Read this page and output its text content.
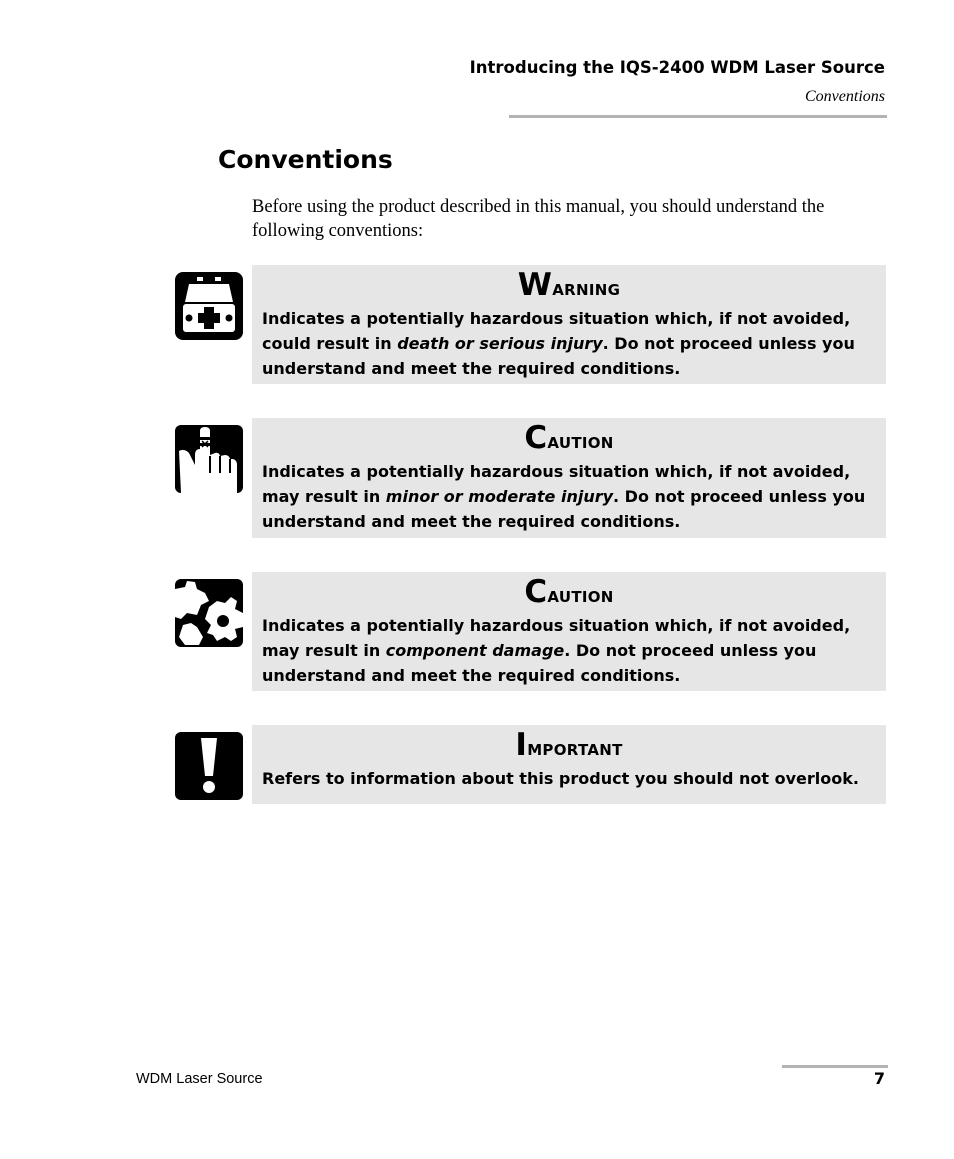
Introducing the IQS-2400 WDM Laser Source
Conventions
Conventions

Before using the product described in this manual, you should understand the following conventions:

Warning
Indicates a potentially hazardous situation which, if not avoided, could result in death or serious injury. Do not proceed unless you understand and meet the required conditions.
Caution
Indicates a potentially hazardous situation which, if not avoided, may result in minor or moderate injury. Do not proceed unless you understand and meet the required conditions.
Caution
Indicates a potentially hazardous situation which, if not avoided, may result in component damage. Do not proceed unless you understand and meet the required conditions.
Important
Refers to information about this product you should not overlook.
WDM Laser Source	7
